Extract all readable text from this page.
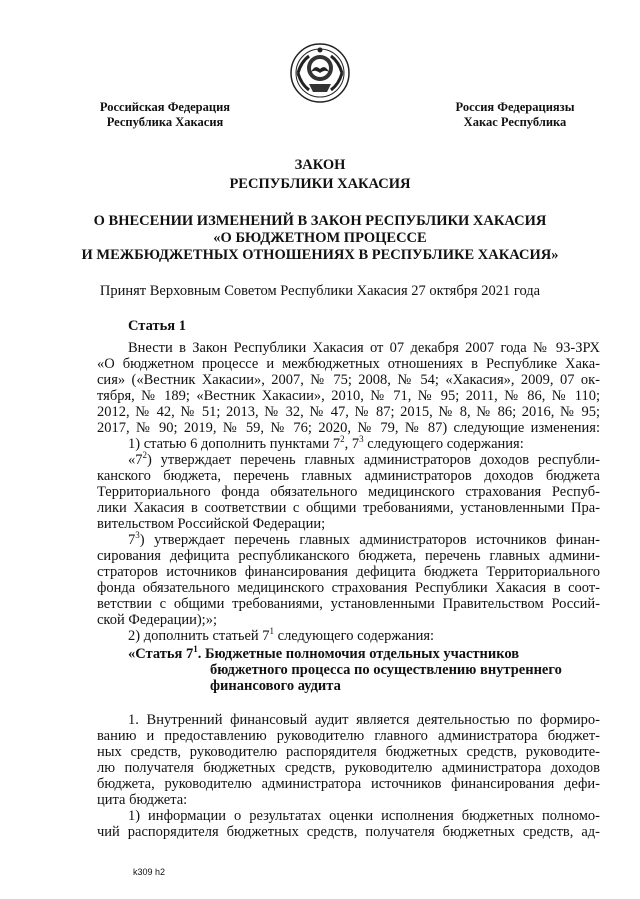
Российская Федерация
Республика Хакасия
Россия Федерациязы
Хакас Республика
ЗАКОН
РЕСПУБЛИКИ ХАКАСИЯ
О ВНЕСЕНИИ ИЗМЕНЕНИЙ В ЗАКОН РЕСПУБЛИКИ ХАКАСИЯ
«О БЮДЖЕТНОМ ПРОЦЕССЕ
И МЕЖБЮДЖЕТНЫХ ОТНОШЕНИЯХ В РЕСПУБЛИКЕ ХАКАСИЯ»
Принят Верховным Советом Республики Хакасия 27 октября 2021 года
Статья 1
Внести в Закон Республики Хакасия от 07 декабря 2007 года № 93-ЗРХ
«О бюджетном процессе и межбюджетных отношениях в Республике Хака-
сия» («Вестник Хакасии», 2007, № 75; 2008, № 54; «Хакасия», 2009, 07 ок-
тября, № 189; «Вестник Хакасии», 2010, № 71, № 95; 2011, № 86, № 110;
2012, № 42, № 51; 2013, № 32, № 47, № 87; 2015, № 8, № 86; 2016, № 95;
2017, № 90; 2019, № 59, № 76; 2020, № 79, № 87) следующие изменения:
1) статью 6 дополнить пунктами $7^2$, $7^3$ следующего содержания:
«$7^2$) утверждает перечень главных администраторов доходов республи-
канского бюджета, перечень главных администраторов доходов бюджета
Территориального фонда обязательного медицинского страхования Респуб-
лики Хакасия в соответствии с общими требованиями, установленными Пра-
вительством Российской Федерации;
$7^3$) утверждает перечень главных администраторов источников финан-
сирования дефицита республиканского бюджета, перечень главных админи-
страторов источников финансирования дефицита бюджета Территориального
фонда обязательного медицинского страхования Республики Хакасия в соот-
ветствии с общими требованиями, установленными Правительством Россий-
ской Федерации);»;
2) дополнить статьей $7^1$ следующего содержания:
«Статья $7^1$. Бюджетные полномочия отдельных участников
бюджетного процесса по осуществлению внутреннего
финансового аудита
1. Внутренний финансовый аудит является деятельностью по формиро-
ванию и предоставлению руководителю главного администратора бюджет-
ных средств, руководителю распорядителя бюджетных средств, руководите-
лю получателя бюджетных средств, руководителю администратора доходов
бюджета, руководителю администратора источников финансирования дефи-
цита бюджета:
1) информации о результатах оценки исполнения бюджетных полномо-
чий распорядителя бюджетных средств, получателя бюджетных средств, ад-
k309 h2
